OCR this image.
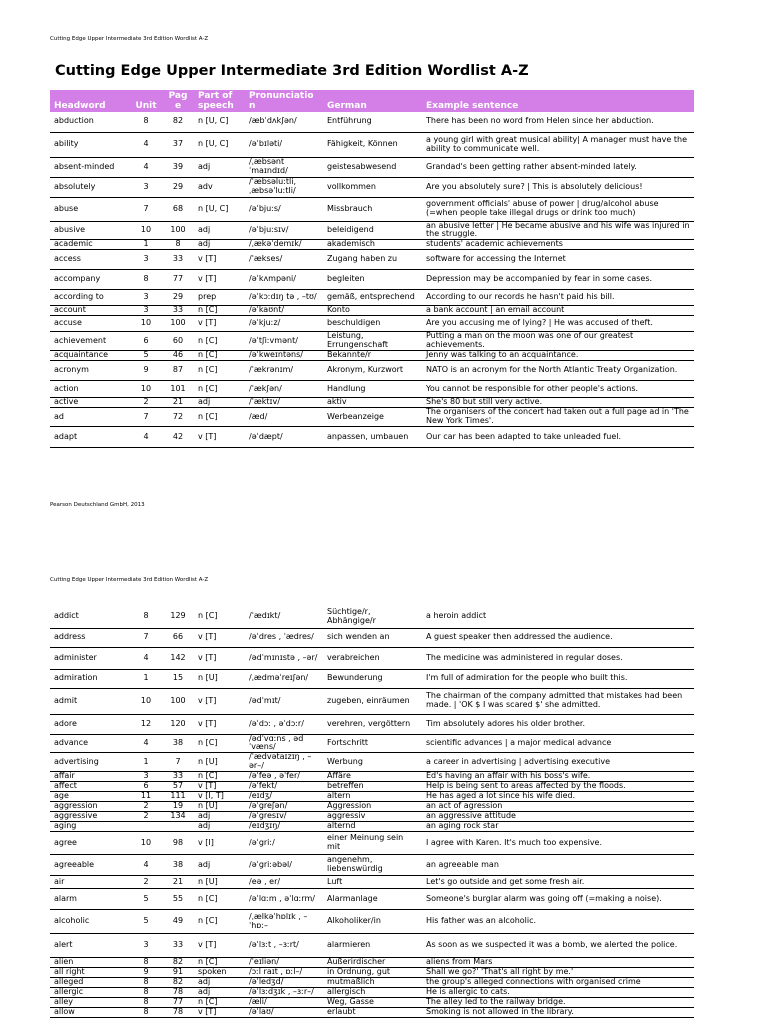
Cutting Edge Upper Intermediate 3rd Edition Wordlist A-Z
Cutting Edge Upper Intermediate 3rd Edition Wordlist A-Z
Headword	Unit	Page	Part of speech	Pronunciation	German	Example sentence
abduction	8	82	n [U, C]	/æbˈdʌkʃən/	Entführung	There has been no word from Helen since her abduction.
ability	4	37	n [U, C]	/əˈbɪləti/	Fähigkeit, Können	a young girl with great musical ability| A manager must have the ability to communicate well.
absent-minded	4	39	adj	/ˌæbsənt ˈmaɪndɪd/	geistesabwesend	Grandad's been getting rather absent-minded lately.
absolutely	3	29	adv	/ˈæbsəluːtli, ˌæbsəˈluːtli/	vollkommen	Are you absolutely sure? | This is absolutely delicious!
abuse	7	68	n [U, C]	/əˈbjuːs/	Missbrauch	government officials' abuse of power | drug/alcohol abuse (=when people take illegal drugs or drink too much)
abusive	10	100	adj	/əˈbjuːsɪv/	beleidigend	an abusive letter | He became abusive and his wife was injured in the struggle.
academic	1	8	adj	/ˌækəˈdemɪk/	akademisch	students' academic achievements
access	3	33	v [T]	/ˈækses/	Zugang haben zu	software for accessing the Internet
accompany	8	77	v [T]	/əˈkʌmpəni/	begleiten	Depression may be accompanied by fear in some cases.
according to	3	29	prep	/əˈkɔːdɪŋ tə , –tʊ/	gemäß, entsprechend	According to our records he hasn't paid his bill.
account	3	33	n [C]	/əˈkaʊnt/	Konto	a bank account | an email account
accuse	10	100	v [T]	/əˈkjuːz/	beschuldigen	Are you accusing me of lying? | He was accused of theft.
achievement	6	60	n [C]	/əˈtʃiːvmənt/	Leistung, Errungenschaft	Putting a man on the moon was one of our greatest achievements.
acquaintance	5	46	n [C]	/əˈkweɪntəns/	Bekannte/r	Jenny was talking to an acquaintance.
acronym	9	87	n [C]	/ˈækrənɪm/	Akronym, Kurzwort	NATO is an acronym for the North Atlantic Treaty Organization.
action	10	101	n [C]	/ˈækʃən/	Handlung	You cannot be responsible for other people's actions.
active	2	21	adj	/ˈæktɪv/	aktiv	She's 80 but still very active.
ad	7	72	n [C]	/æd/	Werbeanzeige	The organisers of the concert had taken out a full page ad in 'The New York Times'.
adapt	4	42	v [T]	/əˈdæpt/	anpassen, umbauen	Our car has been adapted to take unleaded fuel.
Pearson Deutschland GmbH, 2013
Cutting Edge Upper Intermediate 3rd Edition Wordlist A-Z
addict	8	129	n [C]	/ˈædɪkt/	Süchtige/r, Abhängige/r	a heroin addict
address	7	66	v [T]	/əˈdres , ˈædres/	sich wenden an	A guest speaker then addressed the audience.
administer	4	142	v [T]	/ədˈmɪnɪstə , –ər/	verabreichen	The medicine was administered in regular doses.
admiration	1	15	n [U]	/ˌædməˈreɪʃən/	Bewunderung	I'm full of admiration for the people who built this.
admit	10	100	v [T]	/ədˈmɪt/	zugeben, einräumen	The chairman of the company admitted that mistakes had been made. | 'OK $ I was scared $' she admitted.
adore	12	120	v [T]	/əˈdɔː , əˈdɔːr/	verehren, vergöttern	Tim absolutely adores his older brother.
advance	4	38	n [C]	/ədˈvɑːns , ədˈvæns/	Fortschritt	scientific advances | a major medical advance
advertising	1	7	n [U]	/ˈædvətaɪzɪŋ , –ər–/	Werbung	a career in advertising | advertising executive
affair	3	33	n [C]	/əˈfeə , əˈfer/	Affäre	Ed's having an affair with his boss's wife.
affect	6	57	v [T]	/əˈfekt/	betreffen	Help is being sent to areas affected by the floods.
age	11	111	v [I, T]	/eɪdʒ/	altern	He has aged a lot since his wife died.
aggression	2	19	n [U]	/əˈgreʃən/	Aggression	an act of agression
aggressive	2	134	adj	/əˈgresɪv/	aggressiv	an aggressive attitude
aging			adj	/eɪdʒɪŋ/	alternd	an aging rock star
agree	10	98	v [I]	/əˈgriː/	einer Meinung sein mit	I agree with Karen. It's much too expensive.
agreeable	4	38	adj	/əˈgriːəbəl/	angenehm, liebenswürdig	an agreeable man
air	2	21	n [U]	/eə , er/	Luft	Let's go outside and get some fresh air.
alarm	5	55	n [C]	/əˈlɑːm , əˈlɑːrm/	Alarmanlage	Someone's burglar alarm was going off (=making a noise).
alcoholic	5	49	n [C]	/ˌælkəˈhɒlɪk , –ˈhɒː–	Alkoholiker/in	His father was an alcoholic.
alert	3	33	v [T]	/əˈlɜːt , –ɜːrt/	alarmieren	As soon as we suspected it was a bomb, we alerted the police.
alien	8	82	n [C]	/ˈeɪliən/	Außerirdischer	aliens from Mars
all right	9	91	spoken	/ɔːl raɪt , ɒːl–/	in Ordnung, gut	Shall we go?' 'That's all right by me.'
alleged	8	82	adj	/əˈledʒd/	mutmaßlich	the group's alleged connections with organised crime
allergic	8	78	adj	/əˈlɜːdʒɪk , –ɜːr–/	allergisch	He is allergic to cats.
alley	8	77	n [C]	/æli/	Weg, Gasse	The alley led to the railway bridge.
allow	8	78	v [T]	/əˈlaʊ/	erlaubt	Smoking is not allowed in the library.
